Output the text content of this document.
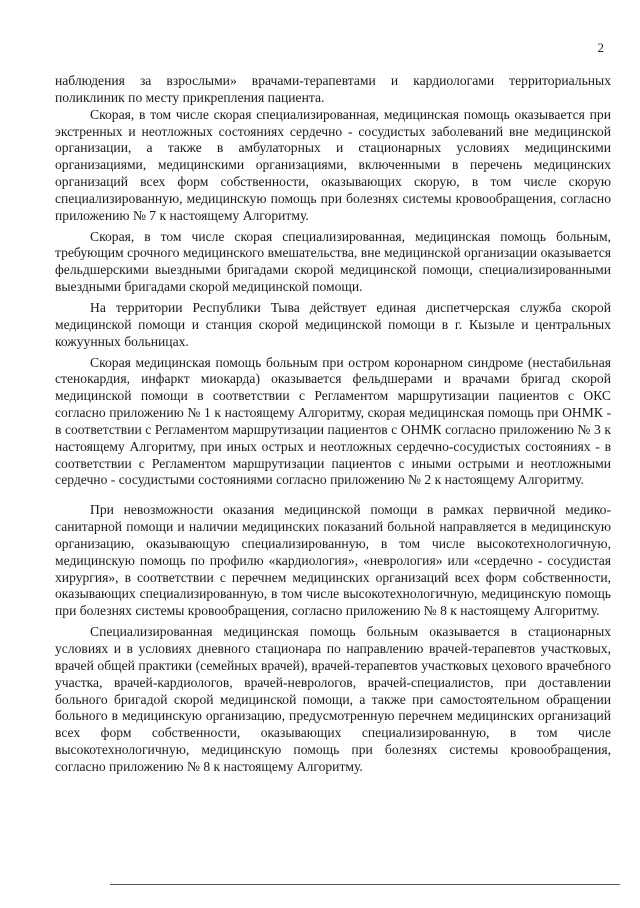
2

наблюдения за взрослыми» врачами-терапевтами и кардиологами территориальных поликлиник по месту прикрепления пациента.

Скорая, в том числе скорая специализированная, медицинская помощь оказывается при экстренных и неотложных состояниях сердечно - сосудистых заболеваний вне медицинской организации, а также в амбулаторных и стационарных условиях медицинскими организациями, медицинскими организациями, включенными в перечень медицинских организаций всех форм собственности, оказывающих скорую, в том числе скорую специализированную, медицинскую помощь при болезнях системы кровообращения, согласно приложению № 7 к настоящему Алгоритму.

Скорая, в том числе скорая специализированная, медицинская помощь больным, требующим срочного медицинского вмешательства, вне медицинской организации оказывается фельдшерскими выездными бригадами скорой медицинской помощи, специализированными выездными бригадами скорой медицинской помощи.

На территории Республики Тыва действует единая диспетчерская служба скорой медицинской помощи и станция скорой медицинской помощи в г. Кызыле и центральных кожуунных больницах.

Скорая медицинская помощь больным при остром коронарном синдроме (нестабильная стенокардия, инфаркт миокарда) оказывается фельдшерами и врачами бригад скорой медицинской помощи в соответствии с Регламентом маршрутизации пациентов с ОКС согласно приложению № 1 к настоящему Алгоритму, скорая медицинская помощь при ОНМК - в соответствии с Регламентом маршрутизации пациентов с ОНМК согласно приложению № 3 к настоящему Алгоритму, при иных острых и неотложных сердечно-сосудистых состояниях - в соответствии с Регламентом маршрутизации пациентов с иными острыми и неотложными сердечно - сосудистыми состояниями согласно приложению № 2 к настоящему Алгоритму.

При невозможности оказания медицинской помощи в рамках первичной медико-санитарной помощи и наличии медицинских показаний больной направляется в медицинскую организацию, оказывающую специализированную, в том числе высокотехнологичную, медицинскую помощь по профилю «кардиология», «неврология» или «сердечно - сосудистая хирургия», в соответствии с перечнем медицинских организаций всех форм собственности, оказывающих специализированную, в том числе высокотехнологичную, медицинскую помощь при болезнях системы кровообращения, согласно приложению № 8 к настоящему Алгоритму.

Специализированная медицинская помощь больным оказывается в стационарных условиях и в условиях дневного стационара по направлению врачей-терапевтов участковых, врачей общей практики (семейных врачей), врачей-терапевтов участковых цехового врачебного участка, врачей-кардиологов, врачей-неврологов, врачей-специалистов, при доставлении больного бригадой скорой медицинской помощи, а также при самостоятельном обращении больного в медицинскую организацию, предусмотренную перечнем медицинских организаций всех форм собственности, оказывающих специализированную, в том числе высокотехнологичную, медицинскую помощь при болезнях системы кровообращения, согласно приложению № 8 к настоящему Алгоритму.
